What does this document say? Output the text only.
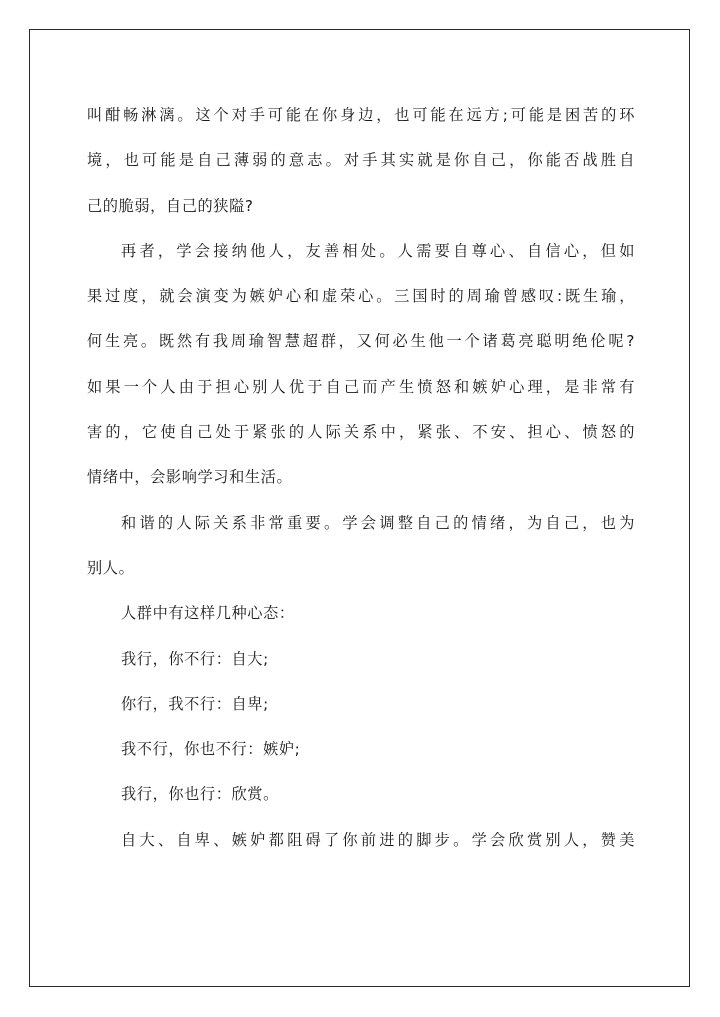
叫酣畅淋漓。这个对手可能在你身边，也可能在远方;可能是困苦的环
境，也可能是自己薄弱的意志。对手其实就是你自己，你能否战胜自
己的脆弱，自己的狭隘?
再者，学会接纳他人，友善相处。人需要自尊心、自信心，但如
果过度，就会演变为嫉妒心和虚荣心。三国时的周瑜曾感叹:既生瑜，
何生亮。既然有我周瑜智慧超群，又何必生他一个诸葛亮聪明绝伦呢?
如果一个人由于担心别人优于自己而产生愤怒和嫉妒心理，是非常有
害的，它使自己处于紧张的人际关系中，紧张、不安、担心、愤怒的
情绪中，会影响学习和生活。
和谐的人际关系非常重要。学会调整自己的情绪，为自己，也为
别人。
人群中有这样几种心态：
我行，你不行：自大;
你行，我不行：自卑;
我不行，你也不行：嫉妒;
我行，你也行：欣赏。
自大、自卑、嫉妒都阻碍了你前进的脚步。学会欣赏别人，赞美
